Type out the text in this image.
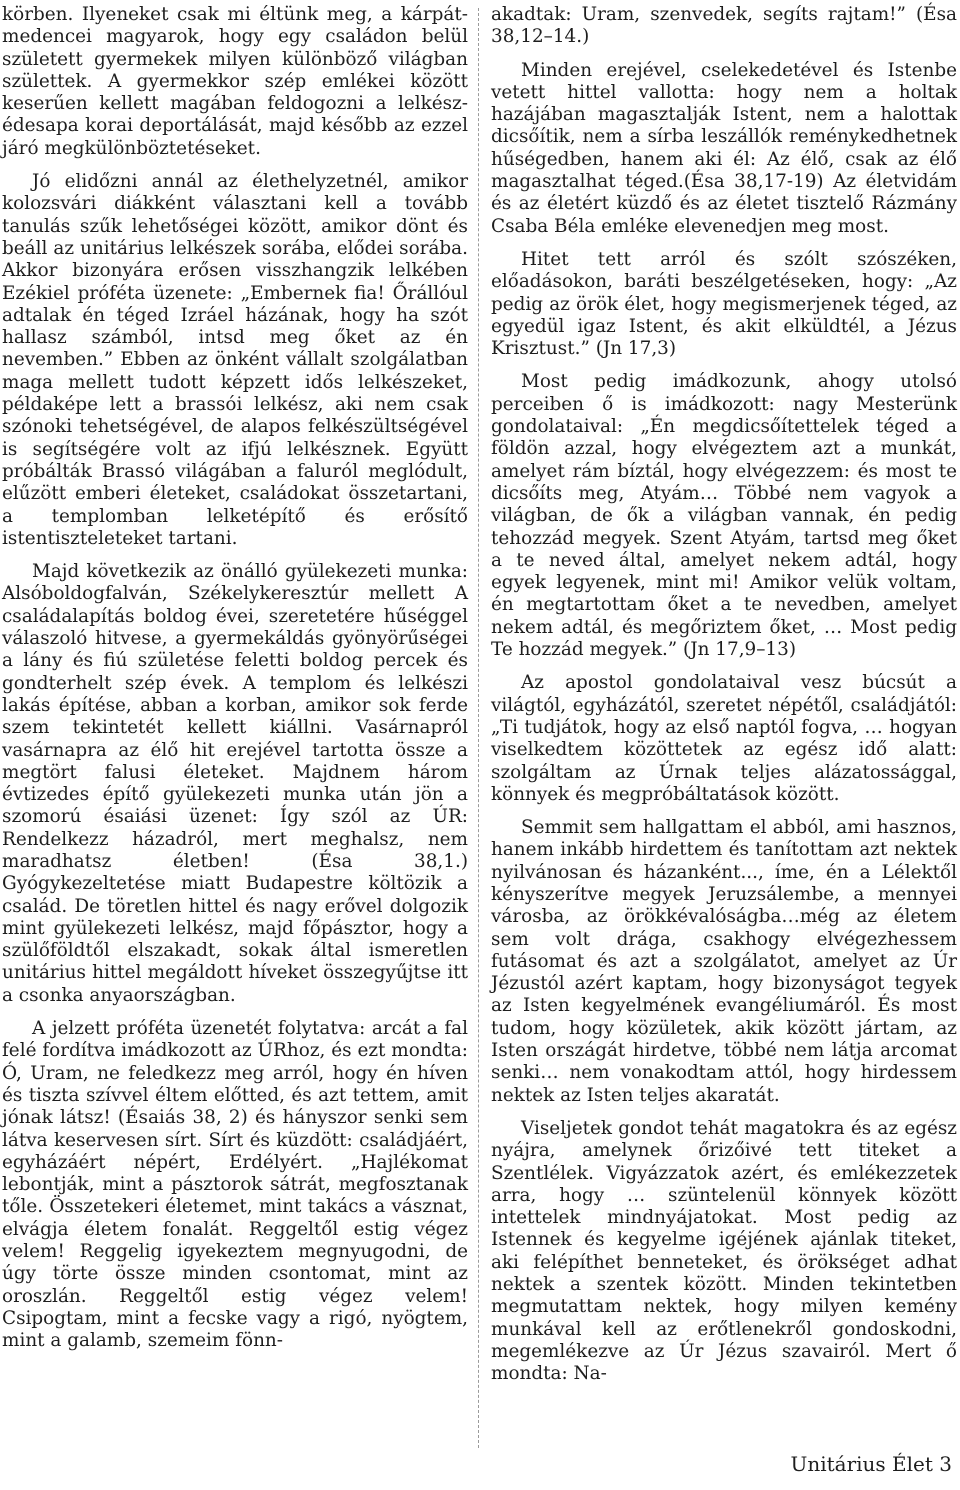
körben. Ilyeneket csak mi éltünk meg, a kárpát-medencei magyarok, hogy egy családon belül született gyermekek milyen különböző világban születtek. A gyermekkor szép emlékei között keserűen kellett magában feldogozni a lelkész-édesapa korai deportálását, majd később az ezzel járó megkülönböztetéseket.

Jó elidőzni annál az élethelyzetnél, amikor kolozsvári diákként választani kell a tovább tanulás szűk lehetőségei között, amikor dönt és beáll az unitárius lelkészek sorába, elődei sorába. Akkor bizonyára erősen visszhangzik lelkében Ezékiel próféta üzenete: „Embernek fia! Őrállóul adtalak én téged Izráel házának, hogy ha szót hallasz számból, intsd meg őket az én nevemben.” Ebben az önként vállalt szolgálatban maga mellett tudott képzett idős lelkészeket, példaképe lett a brassói lelkész, aki nem csak szónoki tehetségével, de alapos felkészültségével is segítségére volt az ifjú lelkésznek. Együtt próbálták Brassó világában a faluról meglódult, elűzött emberi életeket, családokat összetartani, a templomban lelketépítő és erősítő istentiszteleteket tartani.

Majd következik az önálló gyülekezeti munka: Alsóboldogfalván, Székelykeresztúr mellett A családalapítás boldog évei, szeretetére hűséggel válaszoló hitvese, a gyermekáldás gyönyörűségei a lány és fiú születése feletti boldog percek és gondterhelt szép évek. A templom és lelkészi lakás építése, abban a korban, amikor sok ferde szem tekintetét kellett kiállni. Vasárnapról vasárnapra az élő hit erejével tartotta össze a megtört falusi életeket. Majdnem három évtizedes építő gyülekezeti munka után jön a szomorú ésaiási üzenet: Így szól az ÚR: Rendelkezz házadról, mert meghalsz, nem maradhatsz életben! (Ésa 38,1.) Gyógykezeltetése miatt Budapestre költözik a család. De töretlen hittel és nagy erővel dolgozik mint gyülekezeti lelkész, majd főpásztor, hogy a szülőföldtől elszakadt, sokak által ismeretlen unitárius hittel megáldott híveket összegyűjtse itt a csonka anyaországban.

A jelzett próféta üzenetét folytatva: arcát a fal felé fordítva imádkozott az ÚRhoz, és ezt mondta: Ó, Uram, ne feledkezz meg arról, hogy én híven és tiszta szívvel éltem előtted, és azt tettem, amit jónak látsz! (Ésaiás 38, 2) és hányszor senki sem látva keservesen sírt. Sírt és küzdött: családjáért, egyházáért népért, Erdélyért. „Hajlékomat lebontják, mint a pásztorok sátrát, megfosztanak tőle. Összetekeri életemet, mint takács a vásznat, elvágja életem fonalát. Reggeltől estig végez velem! Reggelig igyekeztem megnyugodni, de úgy törte össze minden csontomat, mint az oroszlán. Reggeltől estig végez velem! Csipogtam, mint a fecske vagy a rigó, nyögtem, mint a galamb, szemeim fönn-

akadtak: Uram, szenvedek, segíts rajtam!” (Ésa 38,12–14.)

Minden erejével, cselekedetével és Istenbe vetett hittel vallotta: hogy nem a holtak hazájában magasztalják Istent, nem a halottak dicsőítik, nem a sírba leszállók reménykedhetnek hűségedben, hanem aki él: Az élő, csak az élő magasztalhat téged.(Ésa 38,17-19) Az életvidám és az életért küzdő és az életet tisztelő Rázmány Csaba Béla emléke elevenedjen meg most.

Hitet tett arról és szólt szószéken, előadásokon, baráti beszélgetéseken, hogy: „Az pedig az örök élet, hogy megismerjenek téged, az egyedül igaz Istent, és akit elküldtél, a Jézus Krisztust.” (Jn 17,3)

Most pedig imádkozunk, ahogy utolsó perceiben ő is imádkozott: nagy Mesterünk gondolataival: „Én megdicsőítettelek téged a földön azzal, hogy elvégeztem azt a munkát, amelyet rám bíztál, hogy elvégezzem: és most te dicsőíts meg, Atyám… Többé nem vagyok a világban, de ők a világban vannak, én pedig tehozzád megyek. Szent Atyám, tartsd meg őket a te neved által, amelyet nekem adtál, hogy egyek legyenek, mint mi! Amikor velük voltam, én megtartottam őket a te nevedben, amelyet nekem adtál, és megőriztem őket, … Most pedig Te hozzád megyek.” (Jn 17,9–13)

Az apostol gondolataival vesz búcsút a világtól, egyházától, szeretet népétől, családjától: „Ti tudjátok, hogy az első naptól fogva, … hogyan viselkedtem közöttetek az egész idő alatt: szolgáltam az Úrnak teljes alázatossággal, könnyek és megpróbáltatások között.

Semmit sem hallgattam el abból, ami hasznos, hanem inkább hirdettem és tanítottam azt nektek nyilvánosan és házanként..., íme, én a Lélektől kényszerítve megyek Jeruzsálembe, a mennyei városba, az örökkévalóságba…még az életem sem volt drága, csakhogy elvégezhessem futásomat és azt a szolgálatot, amelyet az Úr Jézustól azért kaptam, hogy bizonyságot tegyek az Isten kegyelmének evangéliumáról. És most tudom, hogy közületek, akik között jártam, az Isten országát hirdetve, többé nem látja arcomat senki… nem vonakodtam attól, hogy hirdessem nektek az Isten teljes akaratát.

Viseljetek gondot tehát magatokra és az egész nyájra, amelynek őrizőivé tett titeket a Szentlélek. Vigyázzatok azért, és emlékezzetek arra, hogy … szüntelenül könnyek között intettelek mindnyájatokat. Most pedig az Istennek és kegyelme igéjének ajánlak titeket, aki felépíthet benneteket, és örökséget adhat nektek a szentek között. Minden tekintetben megmutattam nektek, hogy milyen kemény munkával kell az erőtlenekről gondoskodni, megemlékezve az Úr Jézus szavairól. Mert ő mondta: Na-

Unitárius Élet 3
